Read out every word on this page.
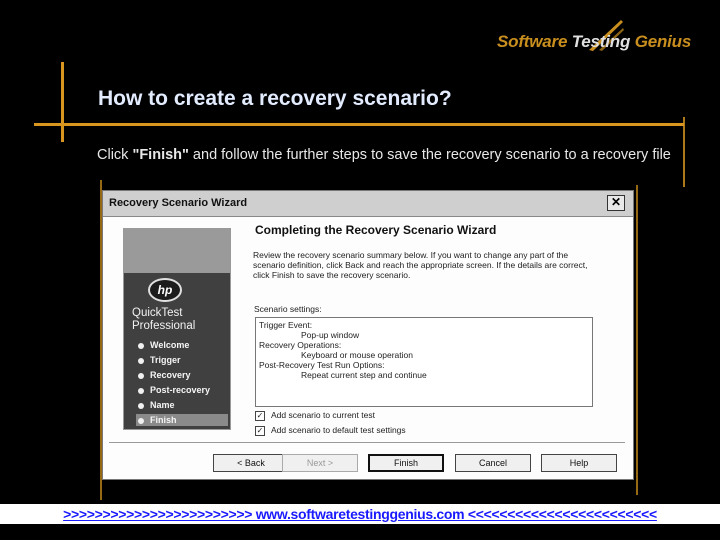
Software Testing Genius
How to create a recovery scenario?
Click "Finish" and follow the further steps to save the recovery scenario to a recovery file
Recovery Scenario Wizard	✕
hp
QuickTest
Professional
Welcome
Trigger
Recovery
Post-recovery
Name
Finish
Completing the Recovery Scenario Wizard
Review the recovery scenario summary below. If you want to change any part of the scenario definition, click Back and reach the appropriate screen. If the details are correct, click Finish to save the recovery scenario.
Scenario settings:
Trigger Event:
Pop-up window
Recovery Operations:
Keyboard or mouse operation
Post-Recovery Test Run Options:
Repeat current step and continue
✓ Add scenario to current test
✓ Add scenario to default test settings
< Back	Next >	Finish	Cancel	Help
>>>>>>>>>>>>>>>>>>>>>>>> www.softwaretestinggenius.com <<<<<<<<<<<<<<<<<<<<<<<<
